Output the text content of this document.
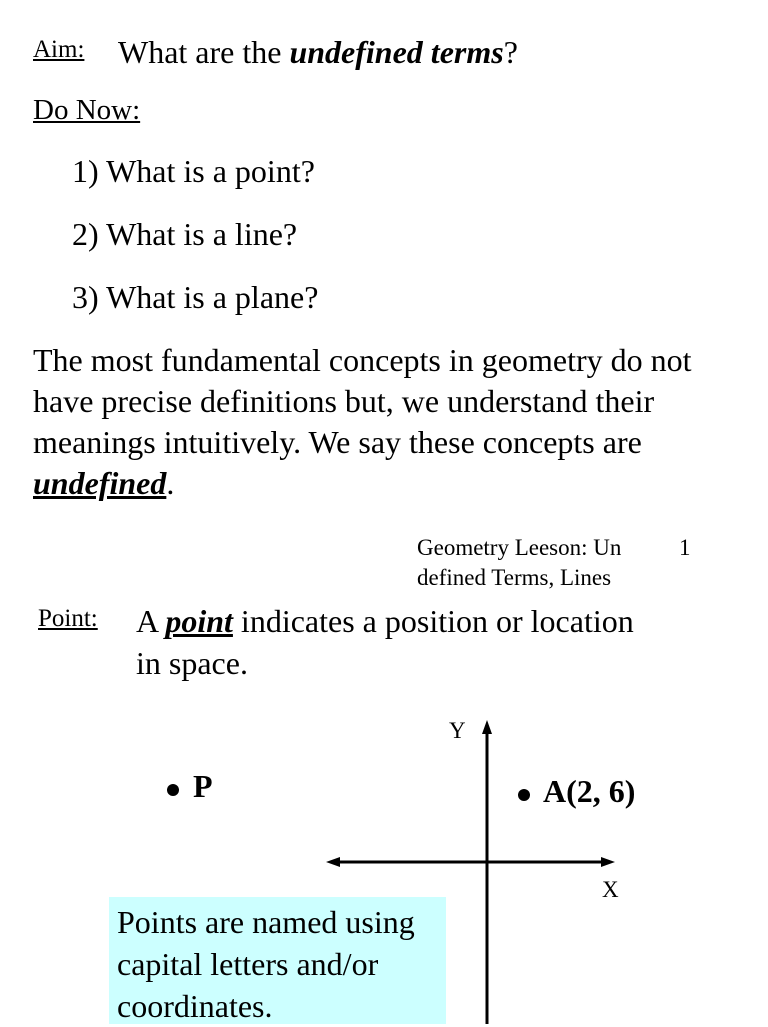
Aim: What are the undefined terms?
Do Now:
1) What is a point?
2) What is a line?
3) What is a plane?
The most fundamental concepts in geometry do not have precise definitions but, we understand their meanings intuitively. We say these concepts are undefined.
Geometry Leeson: Un	1
defined Terms, Lines
Point: A point indicates a position or location
in space.
Y
X
P	A(2, 6)
Points are named using capital letters and/or coordinates.
